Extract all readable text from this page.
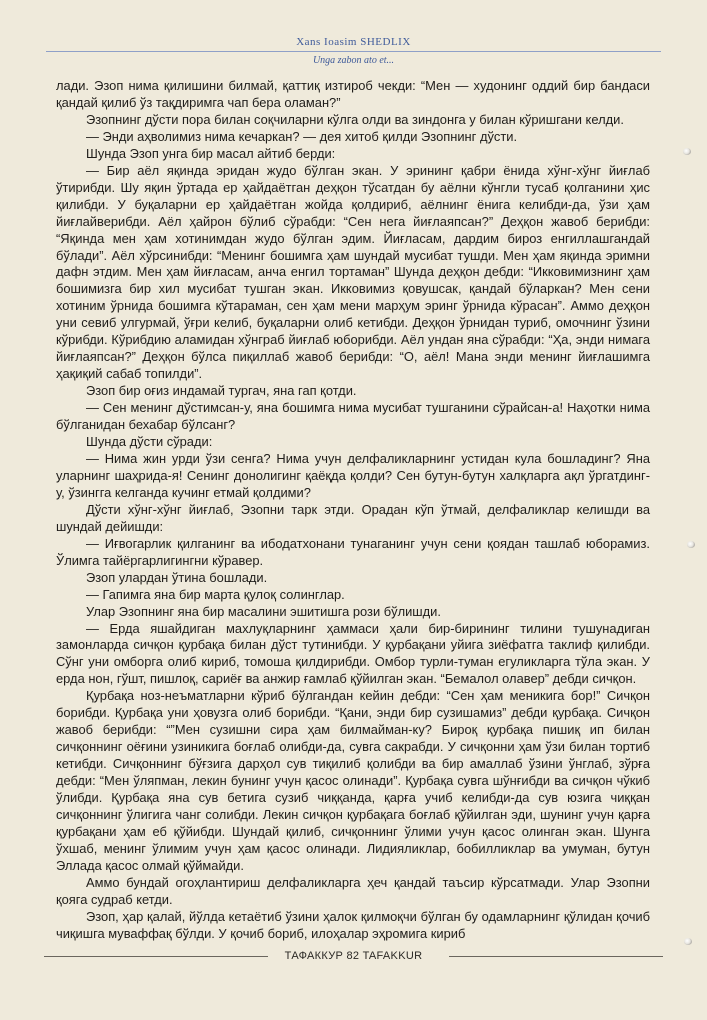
Xans Ioasim SHEDLIX
Unga zabon ato et...

лади. Эзоп нима қилишини билмай, қаттиқ изтироб чекди: “Мен — худонинг оддий бир бандаси қандай қилиб ўз тақдиримга чап бера оламан?”

Эзопнинг дўсти пора билан соқчиларни кўлга олди ва зиндонга у билан кўришгани келди.

— Энди аҳволимиз нима кечаркан? — дея хитоб қилди Эзопнинг дўсти.

Шунда Эзоп унга бир масал айтиб берди:

— Бир аёл яқинда эридан жудо бўлган экан. У эрининг қабри ёнида хўнг-хўнг йиғлаб ўтирибди. Шу яқин ўртада ер ҳайдаётган деҳқон тўсатдан бу аёлни кўнгли тусаб қолганини ҳис қилибди. У буқаларни ер ҳайдаётган жойда қолдириб, аёлнинг ёнига келибди-да, ўзи ҳам йиғлайверибди. Аёл ҳайрон бўлиб сўрабди: “Сен нега йиғлаяпсан?” Деҳқон жавоб берибди: “Яқинда мен ҳам хотинимдан жудо бўлган эдим. Йиғласам, дардим бироз енгиллашгандай бўлади”. Аёл хўрсинибди: “Менинг бошимга ҳам шундай мусибат тушди. Мен ҳам яқинда эримни дафн этдим. Мен ҳам йиғласам, анча енгил тортаман” Шунда деҳқон дебди: “Икковимизнинг ҳам бошимизга бир хил мусибат тушган экан. Икковимиз қовушсак, қандай бўларкан? Мен сени хотиним ўрнида бошимга кўтараман, сен ҳам мени марҳум эринг ўрнида кўрасан”. Аммо деҳқон уни севиб улгурмай, ўғри келиб, буқаларни олиб кетибди. Деҳқон ўрнидан туриб, омочнинг ўзини кўрибди. Кўрибдию аламидан хўнграб йиғлаб юборибди. Аёл ундан яна сўрабди: “Ҳа, энди нимага йиғлаяпсан?” Деҳқон бўлса пиқиллаб жавоб берибди: “О, аёл! Мана энди менинг йиғлашимга ҳақиқий сабаб топилди”.

Эзоп бир оғиз индамай тургач, яна гап қотди.

— Сен менинг дўстимсан-у, яна бошимга нима мусибат тушганини сўрайсан-а! Наҳотки нима бўлганидан бехабар бўлсанг?

Шунда дўсти сўради:

— Нима жин урди ўзи сенга? Нима учун делфаликларнинг устидан кула бошладинг? Яна уларнинг шаҳрида-я! Сенинг донолигинг қаёқда қолди? Сен бутун-бутун халқларга ақл ўргатдинг-у, ўзингга келганда кучинг етмай қолдими?

Дўсти хўнг-хўнг йиғлаб, Эзопни тарк этди. Орадан кўп ўтмай, делфаликлар келишди ва шундай дейишди:

— Иғвогарлик қилганинг ва ибодатхонани тунаганинг учун сени қоядан ташлаб юборамиз. Ўлимга тайёргарлигингни кўравер.

Эзоп улардан ўтина бошлади.

— Гапимга яна бир марта қулоқ солинглар.

Улар Эзопнинг яна бир масалини эшитишга рози бўлишди.

— Ерда яшайдиган махлуқларнинг ҳаммаси ҳали бир-бирининг тилини тушунадиган замонларда сичқон қурбақа билан дўст тутинибди. У қурбақани уйига зиёфатга таклиф қилибди. Сўнг уни омборга олиб кириб, томоша қилдирибди. Омбор турли-туман егуликларга тўла экан. У ерда нон, гўшт, пишлоқ, сариёғ ва анжир ғамлаб қўйилган экан. “Бемалол олавер” дебди сичқон.

Қурбақа ноз-неъматларни кўриб бўлгандан кейин дебди: “Сен ҳам меникига бор!” Сичқон борибди. Қурбақа уни ҳовузга олиб борибди. “Қани, энди бир сузишамиз” дебди қурбақа. Сичқон жавоб берибди: “”Мен сузишни сира ҳам билмайман-ку? Бироқ қурбақа пишиқ ип билан сичқоннинг оёғини узиникига боғлаб олибди-да, сувга сакрабди. У сичқонни ҳам ўзи билан тортиб кетибди. Сичқоннинг бўғзига дарҳол сув тиқилиб қолибди ва бир амаллаб ўзини ўнглаб, зўрға дебди: “Мен ўляпман, лекин бунинг учун қасос олинади”. Қурбақа сувга шўнғибди ва сичқон чўкиб ўлибди. Қурбақа яна сув бетига сузиб чиққанда, қарға учиб келибди-да сув юзига чиққан сичқоннинг ўлигига чанг солибди. Лекин сичқон қурбақага боғлаб қўйилган эди, шунинг учун қарға қурбақани ҳам еб қўйибди. Шундай қилиб, сичқоннинг ўлими учун қасос олинган экан. Шунга ўхшаб, менинг ўлимим учун ҳам қасос олинади. Лидияликлар, бобилликлар ва умуман, бутун Эллада қасос олмай қўймайди.

Аммо бундай огоҳлантириш делфаликларга ҳеч қандай таъсир кўрсатмади. Улар Эзопни қояга судраб кетди.

Эзоп, ҳар қалай, йўлда кетаётиб ўзини ҳалок қилмоқчи бўлган бу одамларнинг қўлидан қочиб чиқишга муваффақ бўлди. У қочиб бориб, илоҳалар эҳромига кириб

ТАФАККУР 82 TAFAKKUR
